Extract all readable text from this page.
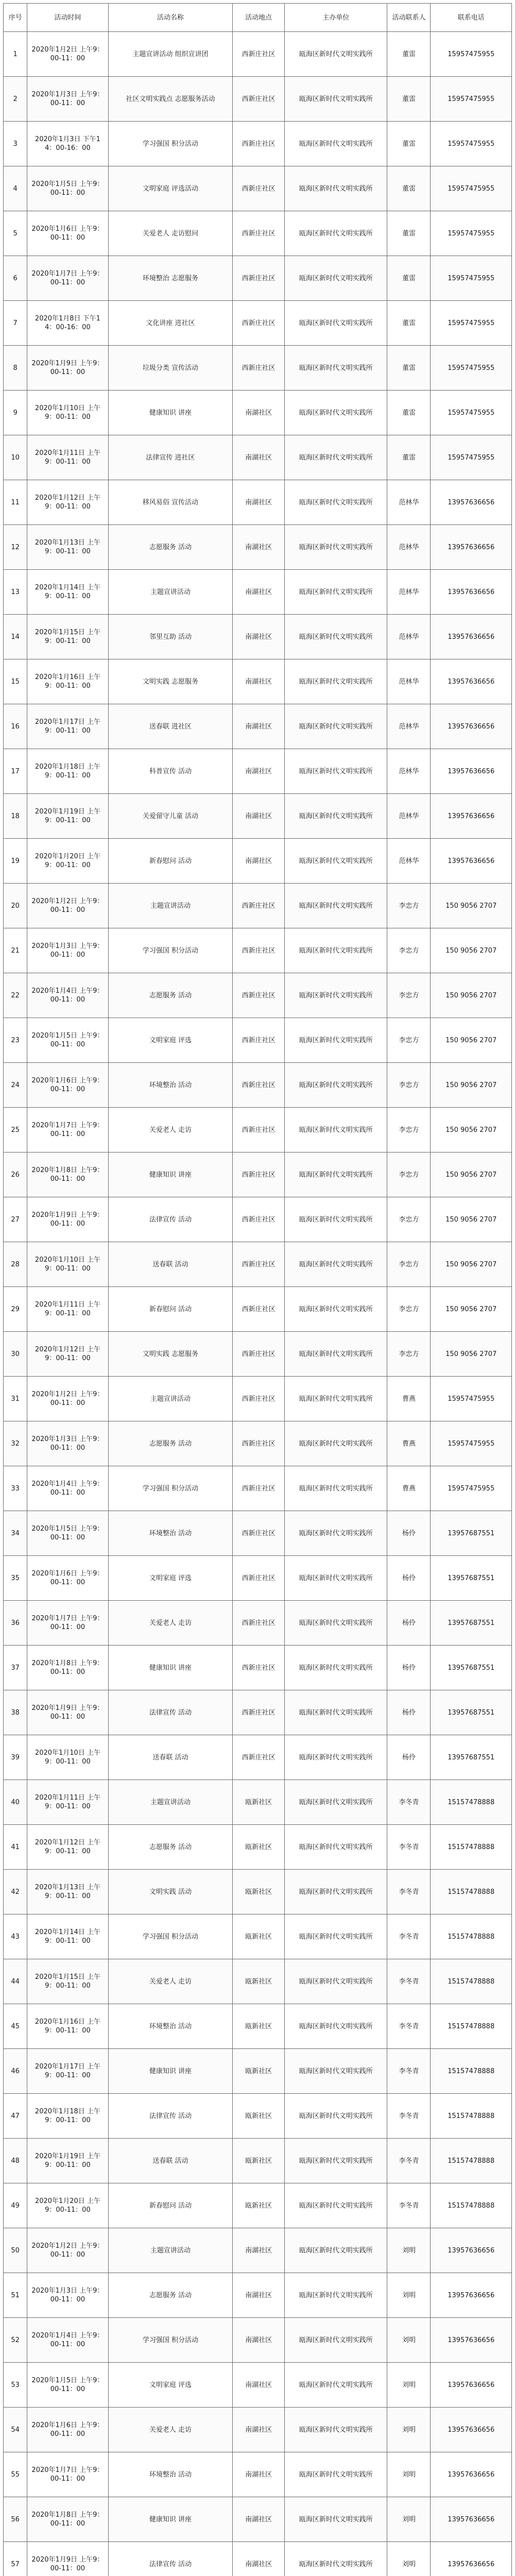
序号	活动时间	活动名称	活动地点	主办单位	活动联系人	联系电话
1	2020年1月2日 上午9：00-11：00	主题宣讲活动 组织宣讲团	西新庄社区	瓯海区新时代文明实践所	董雷	15957475955
2	2020年1月3日 上午9：00-11：00	社区文明实践点 志愿服务活动	西新庄社区	瓯海区新时代文明实践所	董雷	15957475955
3	2020年1月3日 下午14：00-16：00	学习强国 积分活动	西新庄社区	瓯海区新时代文明实践所	董雷	15957475955
4	2020年1月5日 上午9：00-11：00	文明家庭 评选活动	西新庄社区	瓯海区新时代文明实践所	董雷	15957475955
5	2020年1月6日 上午9：00-11：00	关爱老人 走访慰问	西新庄社区	瓯海区新时代文明实践所	董雷	15957475955
6	2020年1月7日 上午9：00-11：00	环境整治 志愿服务	西新庄社区	瓯海区新时代文明实践所	董雷	15957475955
7	2020年1月8日 下午14：00-16：00	文化讲座 进社区	西新庄社区	瓯海区新时代文明实践所	董雷	15957475955
8	2020年1月9日 上午9：00-11：00	垃圾分类 宣传活动	西新庄社区	瓯海区新时代文明实践所	董雷	15957475955
9	2020年1月10日 上午9：00-11：00	健康知识 讲座	南湖社区	瓯海区新时代文明实践所	董雷	15957475955
10	2020年1月11日 上午9：00-11：00	法律宣传 进社区	南湖社区	瓯海区新时代文明实践所	董雷	15957475955
11	2020年1月12日 上午9：00-11：00	移风易俗 宣传活动	南湖社区	瓯海区新时代文明实践所	范林华	13957636656
12	2020年1月13日 上午9：00-11：00	志愿服务 活动	南湖社区	瓯海区新时代文明实践所	范林华	13957636656
13	2020年1月14日 上午9：00-11：00	主题宣讲活动	南湖社区	瓯海区新时代文明实践所	范林华	13957636656
14	2020年1月15日 上午9：00-11：00	邻里互助 活动	南湖社区	瓯海区新时代文明实践所	范林华	13957636656
15	2020年1月16日 上午9：00-11：00	文明实践 志愿服务	南湖社区	瓯海区新时代文明实践所	范林华	13957636656
16	2020年1月17日 上午9：00-11：00	送春联 进社区	南湖社区	瓯海区新时代文明实践所	范林华	13957636656
17	2020年1月18日 上午9：00-11：00	科普宣传 活动	南湖社区	瓯海区新时代文明实践所	范林华	13957636656
18	2020年1月19日 上午9：00-11：00	关爱留守儿童 活动	南湖社区	瓯海区新时代文明实践所	范林华	13957636656
19	2020年1月20日 上午9：00-11：00	新春慰问 活动	南湖社区	瓯海区新时代文明实践所	范林华	13957636656
20	2020年1月2日 上午9：00-11：00	主题宣讲活动	西新庄社区	瓯海区新时代文明实践所	李忠方	150 9056 2707
21	2020年1月3日 上午9：00-11：00	学习强国 积分活动	西新庄社区	瓯海区新时代文明实践所	李忠方	150 9056 2707
22	2020年1月4日 上午9：00-11：00	志愿服务 活动	西新庄社区	瓯海区新时代文明实践所	李忠方	150 9056 2707
23	2020年1月5日 上午9：00-11：00	文明家庭 评选	西新庄社区	瓯海区新时代文明实践所	李忠方	150 9056 2707
24	2020年1月6日 上午9：00-11：00	环境整治 活动	西新庄社区	瓯海区新时代文明实践所	李忠方	150 9056 2707
25	2020年1月7日 上午9：00-11：00	关爱老人 走访	西新庄社区	瓯海区新时代文明实践所	李忠方	150 9056 2707
26	2020年1月8日 上午9：00-11：00	健康知识 讲座	西新庄社区	瓯海区新时代文明实践所	李忠方	150 9056 2707
27	2020年1月9日 上午9：00-11：00	法律宣传 活动	西新庄社区	瓯海区新时代文明实践所	李忠方	150 9056 2707
28	2020年1月10日 上午9：00-11：00	送春联 活动	西新庄社区	瓯海区新时代文明实践所	李忠方	150 9056 2707
29	2020年1月11日 上午9：00-11：00	新春慰问 活动	西新庄社区	瓯海区新时代文明实践所	李忠方	150 9056 2707
30	2020年1月12日 上午9：00-11：00	文明实践 志愿服务	西新庄社区	瓯海区新时代文明实践所	李忠方	150 9056 2707
31	2020年1月2日 上午9：00-11：00	主题宣讲活动	西新庄社区	瓯海区新时代文明实践所	曹燕	15957475955
32	2020年1月3日 上午9：00-11：00	志愿服务 活动	西新庄社区	瓯海区新时代文明实践所	曹燕	15957475955
33	2020年1月4日 上午9：00-11：00	学习强国 积分活动	西新庄社区	瓯海区新时代文明实践所	曹燕	15957475955
34	2020年1月5日 上午9：00-11：00	环境整治 活动	西新庄社区	瓯海区新时代文明实践所	杨伶	13957687551
35	2020年1月6日 上午9：00-11：00	文明家庭 评选	西新庄社区	瓯海区新时代文明实践所	杨伶	13957687551
36	2020年1月7日 上午9：00-11：00	关爱老人 走访	西新庄社区	瓯海区新时代文明实践所	杨伶	13957687551
37	2020年1月8日 上午9：00-11：00	健康知识 讲座	西新庄社区	瓯海区新时代文明实践所	杨伶	13957687551
38	2020年1月9日 上午9：00-11：00	法律宣传 活动	西新庄社区	瓯海区新时代文明实践所	杨伶	13957687551
39	2020年1月10日 上午9：00-11：00	送春联 活动	西新庄社区	瓯海区新时代文明实践所	杨伶	13957687551
40	2020年1月11日 上午9：00-11：00	主题宣讲活动	瓯新社区	瓯海区新时代文明实践所	李冬青	15157478888
41	2020年1月12日 上午9：00-11：00	志愿服务 活动	瓯新社区	瓯海区新时代文明实践所	李冬青	15157478888
42	2020年1月13日 上午9：00-11：00	文明实践 活动	瓯新社区	瓯海区新时代文明实践所	李冬青	15157478888
43	2020年1月14日 上午9：00-11：00	学习强国 积分活动	瓯新社区	瓯海区新时代文明实践所	李冬青	15157478888
44	2020年1月15日 上午9：00-11：00	关爱老人 走访	瓯新社区	瓯海区新时代文明实践所	李冬青	15157478888
45	2020年1月16日 上午9：00-11：00	环境整治 活动	瓯新社区	瓯海区新时代文明实践所	李冬青	15157478888
46	2020年1月17日 上午9：00-11：00	健康知识 讲座	瓯新社区	瓯海区新时代文明实践所	李冬青	15157478888
47	2020年1月18日 上午9：00-11：00	法律宣传 活动	瓯新社区	瓯海区新时代文明实践所	李冬青	15157478888
48	2020年1月19日 上午9：00-11：00	送春联 活动	瓯新社区	瓯海区新时代文明实践所	李冬青	15157478888
49	2020年1月20日 上午9：00-11：00	新春慰问 活动	瓯新社区	瓯海区新时代文明实践所	李冬青	15157478888
50	2020年1月2日 上午9：00-11：00	主题宣讲活动	南湖社区	瓯海区新时代文明实践所	刘明	13957636656
51	2020年1月3日 上午9：00-11：00	志愿服务 活动	南湖社区	瓯海区新时代文明实践所	刘明	13957636656
52	2020年1月4日 上午9：00-11：00	学习强国 积分活动	南湖社区	瓯海区新时代文明实践所	刘明	13957636656
53	2020年1月5日 上午9：00-11：00	文明家庭 评选	南湖社区	瓯海区新时代文明实践所	刘明	13957636656
54	2020年1月6日 上午9：00-11：00	关爱老人 走访	南湖社区	瓯海区新时代文明实践所	刘明	13957636656
55	2020年1月7日 上午9：00-11：00	环境整治 活动	南湖社区	瓯海区新时代文明实践所	刘明	13957636656
56	2020年1月8日 上午9：00-11：00	健康知识 讲座	南湖社区	瓯海区新时代文明实践所	刘明	13957636656
57	2020年1月9日 上午9：00-11：00	法律宣传 活动	南湖社区	瓯海区新时代文明实践所	刘明	13957636656
